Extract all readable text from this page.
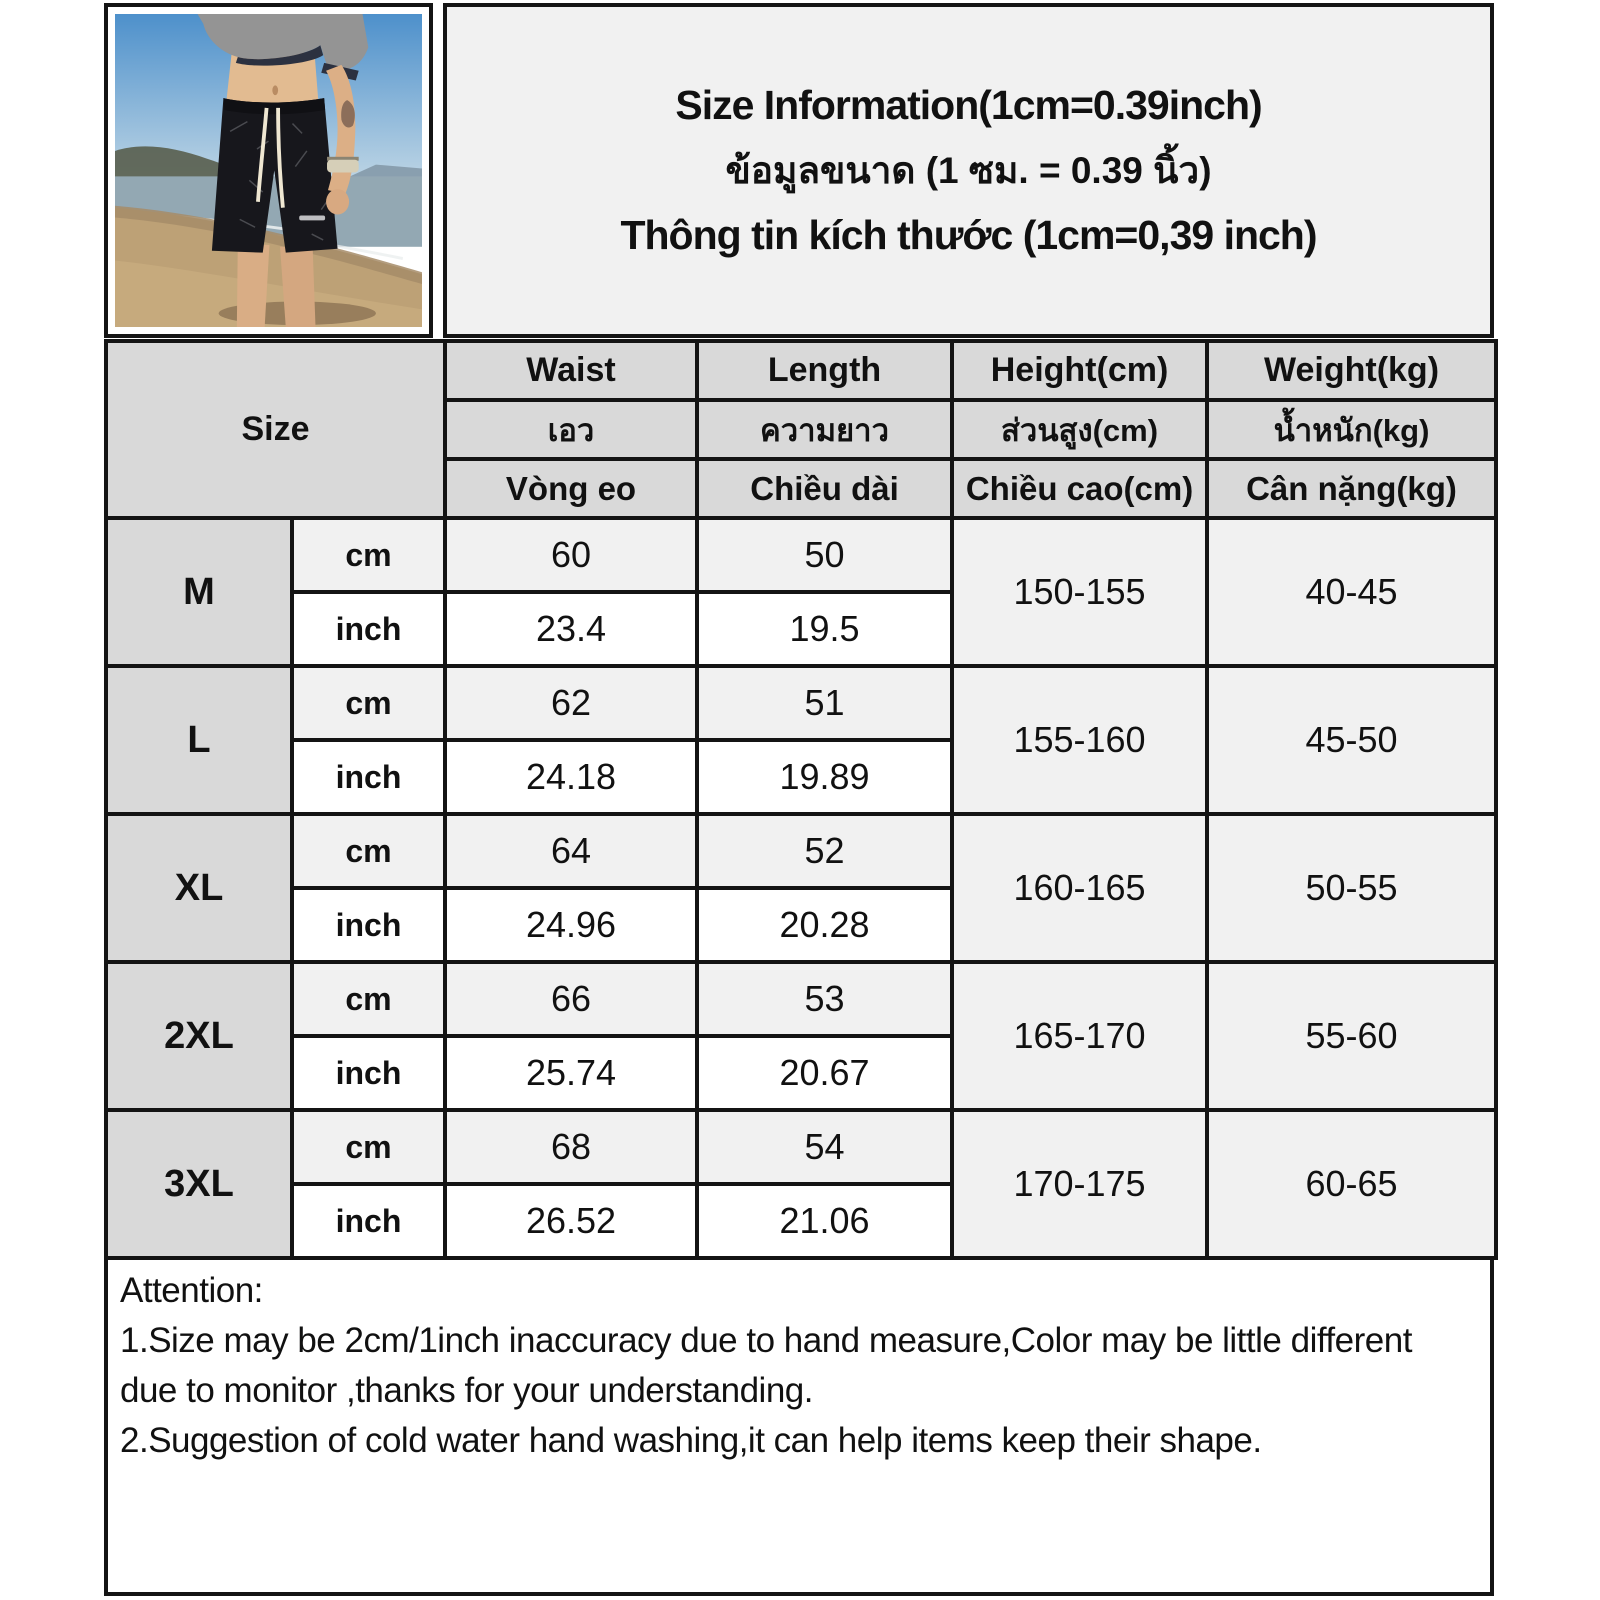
Size Information(1cm=0.39inch)
ข้อมูลขนาด (1 ซม. = 0.39 นิ้ว)
Thông tin kích thước (1cm=0,39 inch)
Size		Waist	Length	Height(cm)	Weight(kg)
		เอว	ความยาว	ส่วนสูง(cm)	น้ำหนัก(kg)
		Vòng eo	Chiều dài	Chiều cao(cm)	Cân nặng(kg)
M	cm	60	50	150-155	40-45
	inch	23.4	19.5		
L	cm	62	51	155-160	45-50
	inch	24.18	19.89		
XL	cm	64	52	160-165	50-55
	inch	24.96	20.28		
2XL	cm	66	53	165-170	55-60
	inch	25.74	20.67		
3XL	cm	68	54	170-175	60-65
	inch	26.52	21.06		
Attention:
1.Size may be 2cm/1inch inaccuracy due to hand measure,Color may be little different due to monitor ,thanks for your understanding.
2.Suggestion of cold water hand washing,it can help items keep their shape.
